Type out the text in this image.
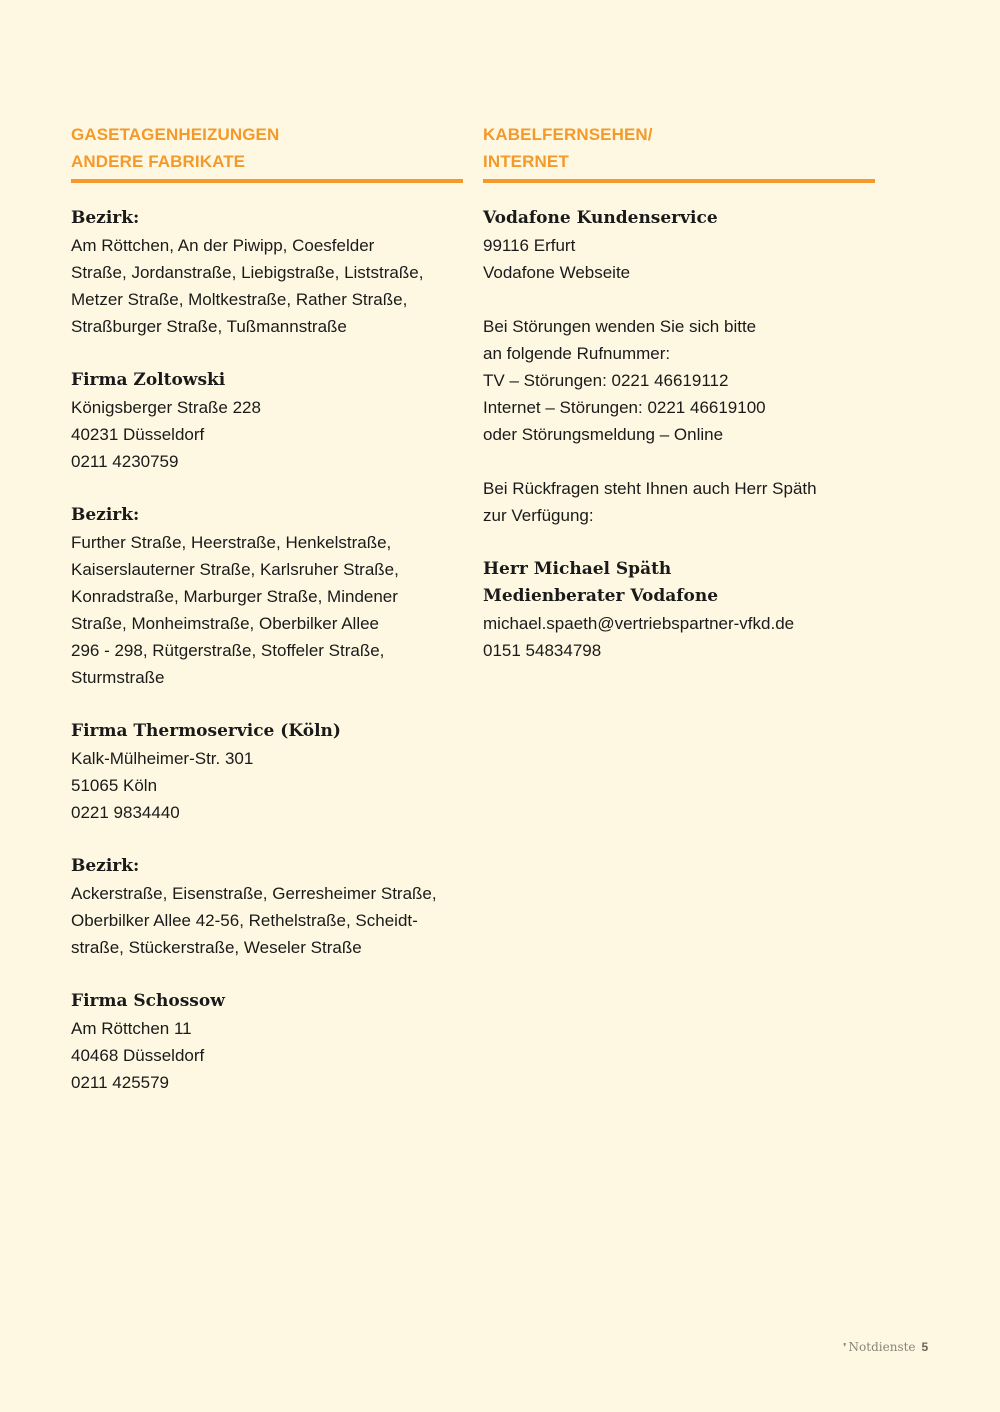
GASETAGENHEIZUNGEN
ANDERE FABRIKATE
Bezirk:
Am Röttchen, An der Piwipp, Coesfelder
Straße, Jordanstraße, Liebigstraße, Liststraße,
Metzer Straße, Moltkestraße, Rather Straße,
Straßburger Straße, Tußmannstraße
Firma Zoltowski
Königsberger Straße 228
40231 Düsseldorf
0211 4230759
Bezirk:
Further Straße, Heerstraße, Henkelstraße,
Kaiserslauterner Straße, Karlsruher Straße,
Konradstraße, Marburger Straße, Mindener
Straße, Monheimstraße, Oberbilker Allee
296 - 298, Rütgerstraße, Stoffeler Straße,
Sturmstraße
Firma Thermoservice (Köln)
Kalk-Mülheimer-Str. 301
51065 Köln
0221 9834440
Bezirk:
Ackerstraße, Eisenstraße, Gerresheimer Straße,
Oberbilker Allee 42-56, Rethelstraße, Scheidt-
straße, Stückerstraße, Weseler Straße
Firma Schossow
Am Röttchen 11
40468 Düsseldorf
0211 425579
KABELFERNSEHEN/
INTERNET
Vodafone Kundenservice
99116 Erfurt
Vodafone Webseite
Bei Störungen wenden Sie sich bitte
an folgende Rufnummer:
TV – Störungen: 0221 46619112
Internet – Störungen: 0221 46619100
oder Störungsmeldung – Online
Bei Rückfragen steht Ihnen auch Herr Späth
zur Verfügung:
Herr Michael Späth
Medienberater Vodafone
michael.spaeth@vertriebspartner-vfkd.de
0151 54834798
❜ Notdienste 5
